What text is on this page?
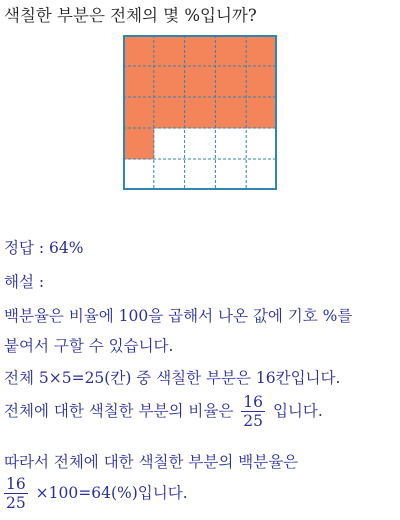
색칠한 부분은 전체의 몇 %입니까?
정답 : 64%
해설 :
백분율은 비율에 100을 곱해서 나온 값에 기호 %를
붙여서 구할 수 있습니다.
전체 5×5=25(칸) 중 색칠한 부분은 16칸입니다.
전체에 대한 색칠한 부분의 비율은 $\frac{16}{25}$ 입니다.
따라서 전체에 대한 색칠한 부분의 백분율은
$\frac{16}{25} \times 100=64(\%)$입니다.
